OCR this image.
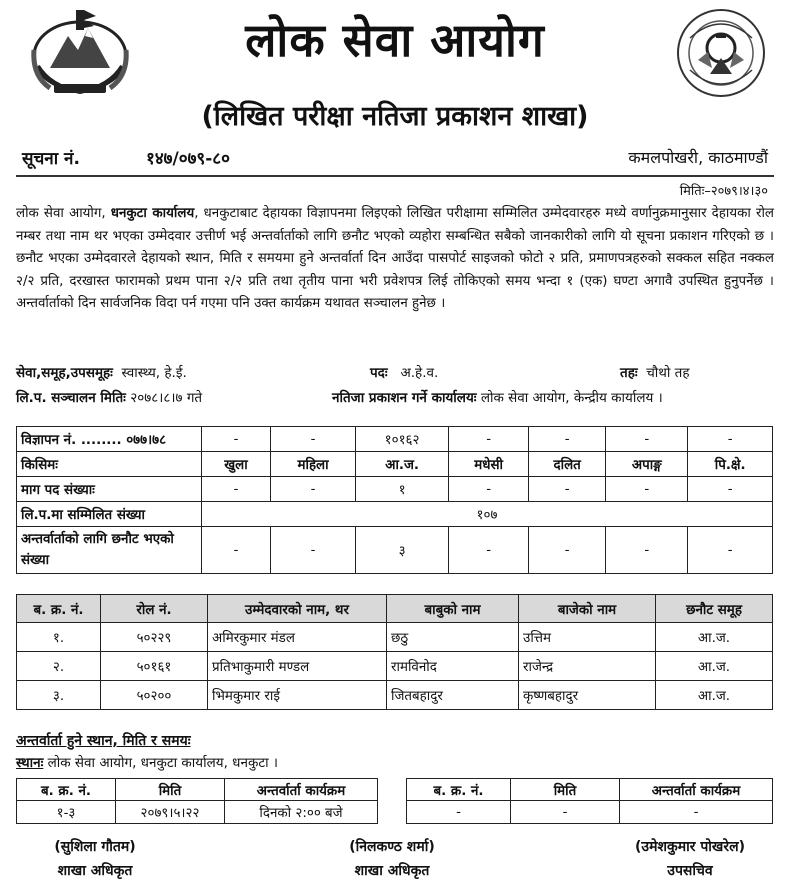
लोक सेवा आयोग
(लिखित परीक्षा नतिजा प्रकाशन शाखा)
सूचना नं.	१४७/०७९-८०	कमलपोखरी, काठमाण्डौं
मितिः–२०७९।४।३०
लोक सेवा आयोग, धनकुटा कार्यालय, धनकुटाबाट देहायका विज्ञापनमा लिइएको लिखित परीक्षामा सम्मिलित उम्मेदवारहरु मध्ये वर्णानुक्रमानुसार देहायका रोल नम्बर तथा नाम थर भएका उम्मेदवार उत्तीर्ण भई अन्तर्वार्ताको लागि छनौट भएको व्यहोरा सम्बन्धित सबैको जानकारीको लागि यो सूचना प्रकाशन गरिएको छ । छनौट भएका उम्मेदवारले देहायको स्थान, मिति र समयमा हुने अन्तर्वार्ता दिन आउँदा पासपोर्ट साइजको फोटो २ प्रति, प्रमाणपत्रहरुको सक्कल सहित नक्कल २/२ प्रति, दरखास्त फारामको प्रथम पाना २/२ प्रति तथा तृतीय पाना भरी प्रवेशपत्र लिई तोकिएको समय भन्दा १ (एक) घण्टा अगावै उपस्थित हुनुपर्नेछ । अन्तर्वार्ताको दिन सार्वजनिक विदा पर्न गएमा पनि उक्त कार्यक्रम यथावत सञ्चालन हुनेछ ।
सेवा,समूह,उपसमूहः स्वास्थ्य, हे.ई.	पदः अ.हे.व.	तहः चौथो तह
लि.प. सञ्चालन मितिः २०७८।८।७ गते	नतिजा प्रकाशन गर्ने कार्यालयः लोक सेवा आयोग, केन्द्रीय कार्यालय ।
विज्ञापन नं. ........ ०७७।७८	-	-	१०१६२	-	-	-	-
किसिमः	खुला	महिला	आ.ज.	मधेसी	दलित	अपाङ्ग	पि.क्षे.
माग पद संख्याः	-	-	१	-	-	-	-
लि.प.मा सम्मिलित संख्या	१०७						
अन्तर्वार्ताको लागि छनौट भएको संख्या	-	-	३	-	-	-	-
ब. क्र. नं.	रोल नं.	उम्मेदवारको नाम, थर	बाबुको नाम	बाजेको नाम	छनौट समूह
१.	५०२२९	अमिरकुमार मंडल	छठु	उत्तिम	आ.ज.
२.	५०१६१	प्रतिभाकुमारी मण्डल	रामविनोद	राजेन्द्र	आ.ज.
३.	५०२००	भिमकुमार राई	जितबहादुर	कृष्णबहादुर	आ.ज.
अन्तर्वार्ता हुने स्थान, मिति र समयः
स्थानः लोक सेवा आयोग, धनकुटा कार्यालय, धनकुटा ।
ब. क्र. नं.	मिति	अन्तर्वार्ता कार्यक्रम
१-३	२०७९।५।२२	दिनको २:०० बजे
ब. क्र. नं.	मिति	अन्तर्वार्ता कार्यक्रम
-	-	-
(सुशिला गौतम)
शाखा अधिकृत
(निलकण्ठ शर्मा)
शाखा अधिकृत
(उमेशकुमार पोखरेल)
उपसचिव
